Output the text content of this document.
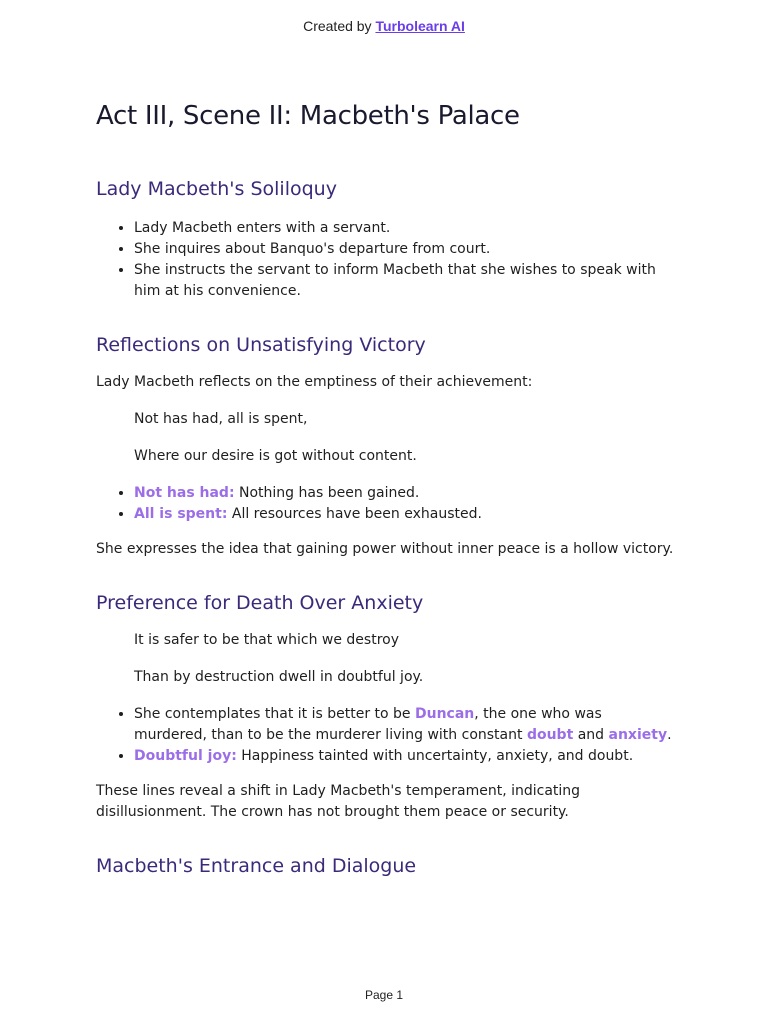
Created by Turbolearn AI
Act III, Scene II: Macbeth's Palace
Lady Macbeth's Soliloquy
• Lady Macbeth enters with a servant.
• She inquires about Banquo's departure from court.
• She instructs the servant to inform Macbeth that she wishes to speak with him at his convenience.
Reflections on Unsatisfying Victory

Lady Macbeth reflects on the emptiness of their achievement:

Not has had, all is spent,

Where our desire is got without content.

• Not has had: Nothing has been gained.
• All is spent: All resources have been exhausted.

She expresses the idea that gaining power without inner peace is a hollow victory.

Preference for Death Over Anxiety

It is safer to be that which we destroy

Than by destruction dwell in doubtful joy.

• She contemplates that it is better to be Duncan, the one who was murdered, than to be the murderer living with constant doubt and anxiety.
• Doubtful joy: Happiness tainted with uncertainty, anxiety, and doubt.

These lines reveal a shift in Lady Macbeth's temperament, indicating disillusionment. The crown has not brought them peace or security.

Macbeth's Entrance and Dialogue
Page 1
